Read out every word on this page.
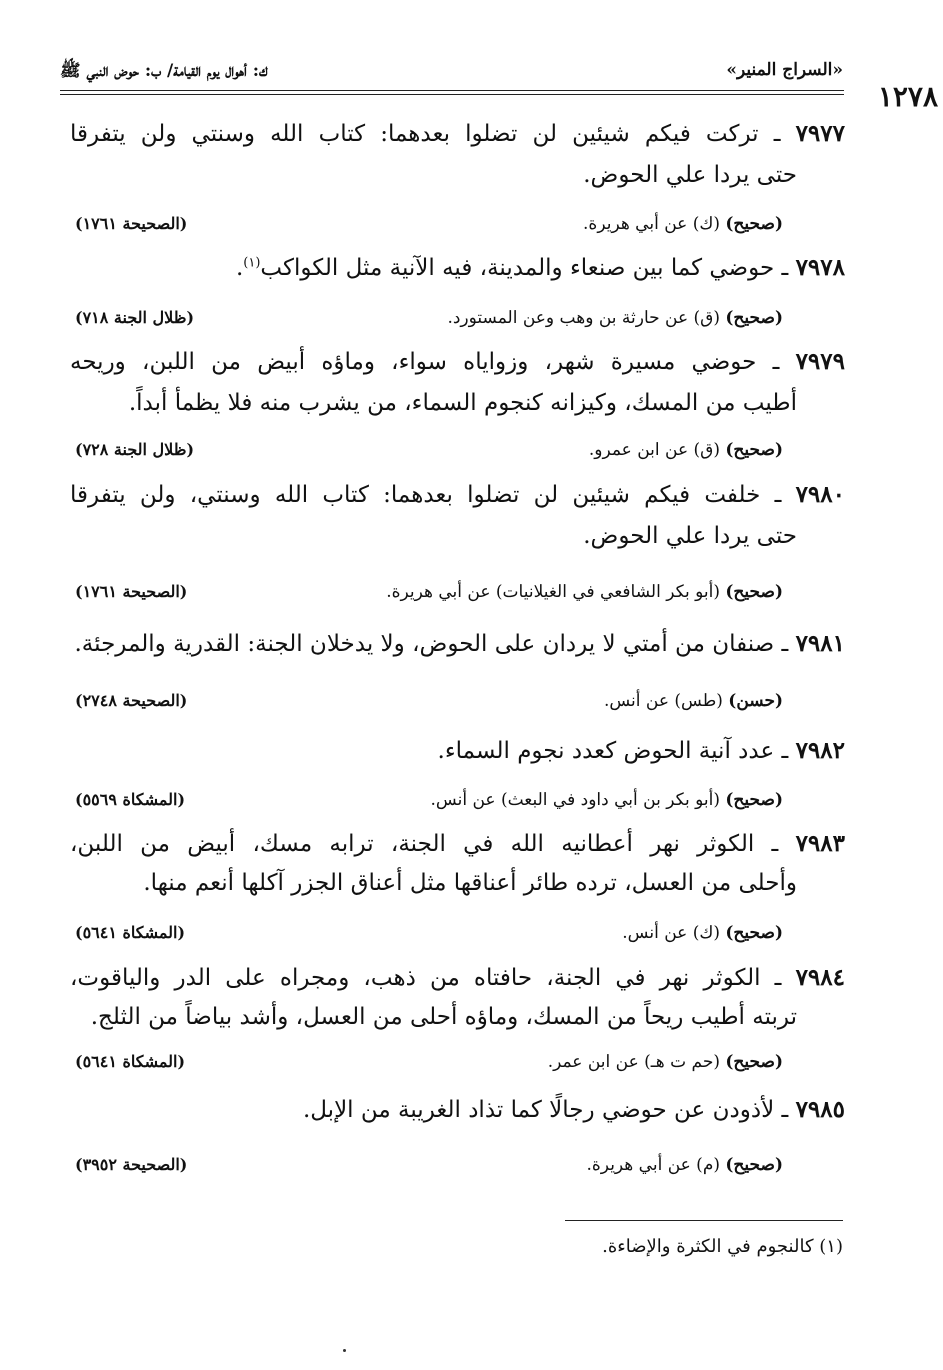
«السراج المنير»
ك: أهوال يوم القيامة/ ب: حوض النبي ﷺ
١٢٧٨
٧٩٧٧ ـ تركت فيكم شيئين لن تضلوا بعدهما: كتاب الله وسنتي ولن يتفرقا
حتى يردا علي الحوض.
(صحيح) (ك) عن أبي هريرة.
(الصحيحة ١٧٦١)
٧٩٧٨ ـ حوضي كما بين صنعاء والمدينة، فيه الآنية مثل الكواكب$^{(١)}$.
(صحيح) (ق) عن حارثة بن وهب وعن المستورد.
(ظلال الجنة ٧١٨)
٧٩٧٩ ـ حوضي مسيرة شهر، وزواياه سواء، وماؤه أبيض من اللبن، وريحه
أطيب من المسك، وكيزانه كنجوم السماء، من يشرب منه فلا يظمأ أبداً.
(صحيح) (ق) عن ابن عمرو.
(ظلال الجنة ٧٢٨)
٧٩٨٠ ـ خلفت فيكم شيئين لن تضلوا بعدهما: كتاب الله وسنتي، ولن يتفرقا
حتى يردا علي الحوض.
(صحيح) (أبو بكر الشافعي في الغيلانيات) عن أبي هريرة.
(الصحيحة ١٧٦١)
٧٩٨١ ـ صنفان من أمتي لا يردان على الحوض، ولا يدخلان الجنة: القدرية والمرجئة.
(حسن) (طس) عن أنس.
(الصحيحة ٢٧٤٨)
٧٩٨٢ ـ عدد آنية الحوض كعدد نجوم السماء.
(صحيح) (أبو بكر بن أبي داود في البعث) عن أنس.
(المشكاة ٥٥٦٩)
٧٩٨٣ ـ الكوثر نهر أعطانيه الله في الجنة، ترابه مسك، أبيض من اللبن،
وأحلى من العسل، ترده طائر أعناقها مثل أعناق الجزر آكلها أنعم منها.
(صحيح) (ك) عن أنس.
(المشكاة ٥٦٤١)
٧٩٨٤ ـ الكوثر نهر في الجنة، حافتاه من ذهب، ومجراه على الدر والياقوت،
تربته أطيب ريحاً من المسك، وماؤه أحلى من العسل، وأشد بياضاً من الثلج.
(صحيح) (حم ت هـ) عن ابن عمر.
(المشكاة ٥٦٤١)
٧٩٨٥ ـ لأذودن عن حوضي رجالًا كما تذاد الغريبة من الإبل.
(صحيح) (م) عن أبي هريرة.
(الصحيحة ٣٩٥٢)
(١) كالنجوم في الكثرة والإضاءة.
